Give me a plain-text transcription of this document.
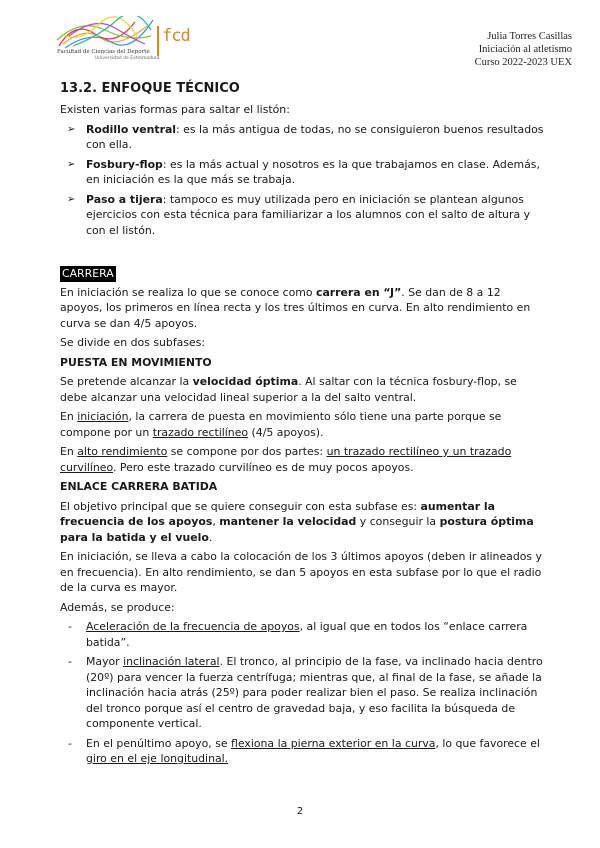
Facultad de Ciencias del Deporte
Universidad de Extremadura
fcd	Julia Torres Casillas
Iniciación al atletismo
Curso 2022-2023 UEX
13.2. ENFOQUE TÉCNICO

Existen varias formas para saltar el listón:

➢ Rodillo ventral: es la más antigua de todas, no se consiguieron buenos resultados con ella.
➢ Fosbury-flop: es la más actual y nosotros es la que trabajamos en clase. Además, en iniciación es la que más se trabaja.
➢ Paso a tijera: tampoco es muy utilizada pero en iniciación se plantean algunos ejercicios con esta técnica para familiarizar a los alumnos con el salto de altura y con el listón.
CARRERA

En iniciación se realiza lo que se conoce como carrera en “J”. Se dan de 8 a 12 apoyos, los primeros en línea recta y los tres últimos en curva. En alto rendimiento en curva se dan 4/5 apoyos.

Se divide en dos subfases:

PUESTA EN MOVIMIENTO

Se pretende alcanzar la velocidad óptima. Al saltar con la técnica fosbury-flop, se debe alcanzar una velocidad lineal superior a la del salto ventral.

En iniciación, la carrera de puesta en movimiento sólo tiene una parte porque se compone por un trazado rectilíneo (4/5 apoyos).

En alto rendimiento se compone por dos partes: un trazado rectilíneo y un trazado curvilíneo. Pero este trazado curvilíneo es de muy pocos apoyos.

ENLACE CARRERA BATIDA

El objetivo principal que se quiere conseguir con esta subfase es: aumentar la frecuencia de los apoyos, mantener la velocidad y conseguir la postura óptima para la batida y el vuelo.

En iniciación, se lleva a cabo la colocación de los 3 últimos apoyos (deben ir alineados y en frecuencia). En alto rendimiento, se dan 5 apoyos en esta subfase por lo que el radio de la curva es mayor.

Además, se produce:

- Aceleración de la frecuencia de apoyos, al igual que en todos los “enlace carrera batida”.
- Mayor inclinación lateral. El tronco, al principio de la fase, va inclinado hacia dentro (20º) para vencer la fuerza centrífuga; mientras que, al final de la fase, se añade la inclinación hacia atrás (25º) para poder realizar bien el paso. Se realiza inclinación del tronco porque así el centro de gravedad baja, y eso facilita la búsqueda de componente vertical.
- En el penúltimo apoyo, se flexiona la pierna exterior en la curva, lo que favorece el giro en el eje longitudinal.
2
